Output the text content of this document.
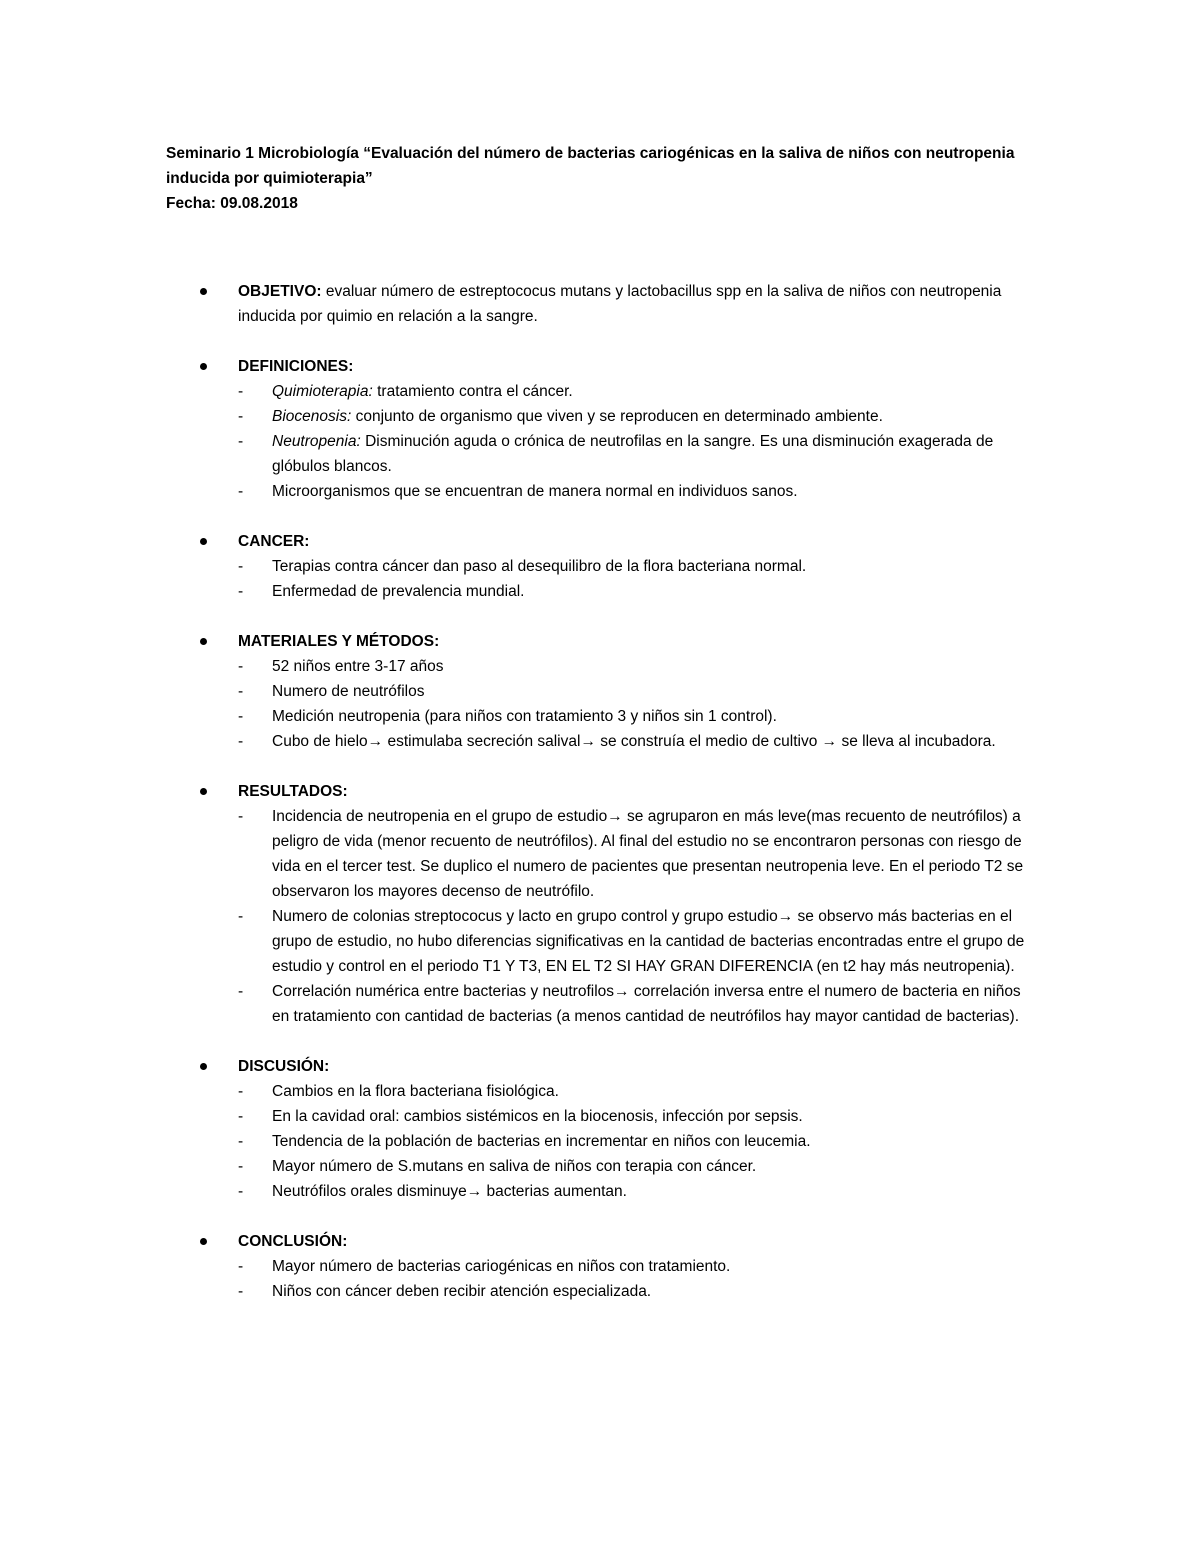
Seminario 1 Microbiología “Evaluación del número de bacterias cariogénicas en la saliva de niños con neutropenia
inducida por quimioterapia”
Fecha: 09.08.2018
OBJETIVO: evaluar número de estreptococus mutans y lactobacillus spp en la saliva de niños con neutropenia inducida por quimio en relación a la sangre.
DEFINICIONES:
- Quimioterapia: tratamiento contra el cáncer.
- Biocenosis: conjunto de organismo que viven y se reproducen en determinado ambiente.
- Neutropenia: Disminución aguda o crónica de neutrofilas en la sangre. Es una disminución exagerada de glóbulos blancos.
- Microorganismos que se encuentran de manera normal en individuos sanos.
CANCER:
- Terapias contra cáncer dan paso al desequilibro de la flora bacteriana normal.
- Enfermedad de prevalencia mundial.
MATERIALES Y MÉTODOS:
- 52 niños entre 3-17 años
- Numero de neutrófilos
- Medición neutropenia (para niños con tratamiento 3 y niños sin 1 control).
- Cubo de hielo→ estimulaba secreción salival→ se construía el medio de cultivo → se lleva al incubadora.
RESULTADOS:
- Incidencia de neutropenia en el grupo de estudio→ se agruparon en más leve(mas recuento de neutrófilos) a peligro de vida (menor recuento de neutrófilos). Al final del estudio no se encontraron personas con riesgo de vida en el tercer test. Se duplico el numero de pacientes que presentan neutropenia leve. En el periodo T2 se observaron los mayores decenso de neutrófilo.
- Numero de colonias streptococus y lacto en grupo control y grupo estudio→ se observo más bacterias en el grupo de estudio, no hubo diferencias significativas en la cantidad de bacterias encontradas entre el grupo de estudio y control en el periodo T1 Y T3, EN EL T2 SI HAY GRAN DIFERENCIA (en t2 hay más neutropenia).
- Correlación numérica entre bacterias y neutrofilos→ correlación inversa entre el numero de bacteria en niños en tratamiento con cantidad de bacterias (a menos cantidad de neutrófilos hay mayor cantidad de bacterias).
DISCUSIÓN:
- Cambios en la flora bacteriana fisiológica.
- En la cavidad oral: cambios sistémicos en la biocenosis, infección por sepsis.
- Tendencia de la población de bacterias en incrementar en niños con leucemia.
- Mayor número de S.mutans en saliva de niños con terapia con cáncer.
- Neutrófilos orales disminuye→ bacterias aumentan.
CONCLUSIÓN:
- Mayor número de bacterias cariogénicas en niños con tratamiento.
- Niños con cáncer deben recibir atención especializada.
